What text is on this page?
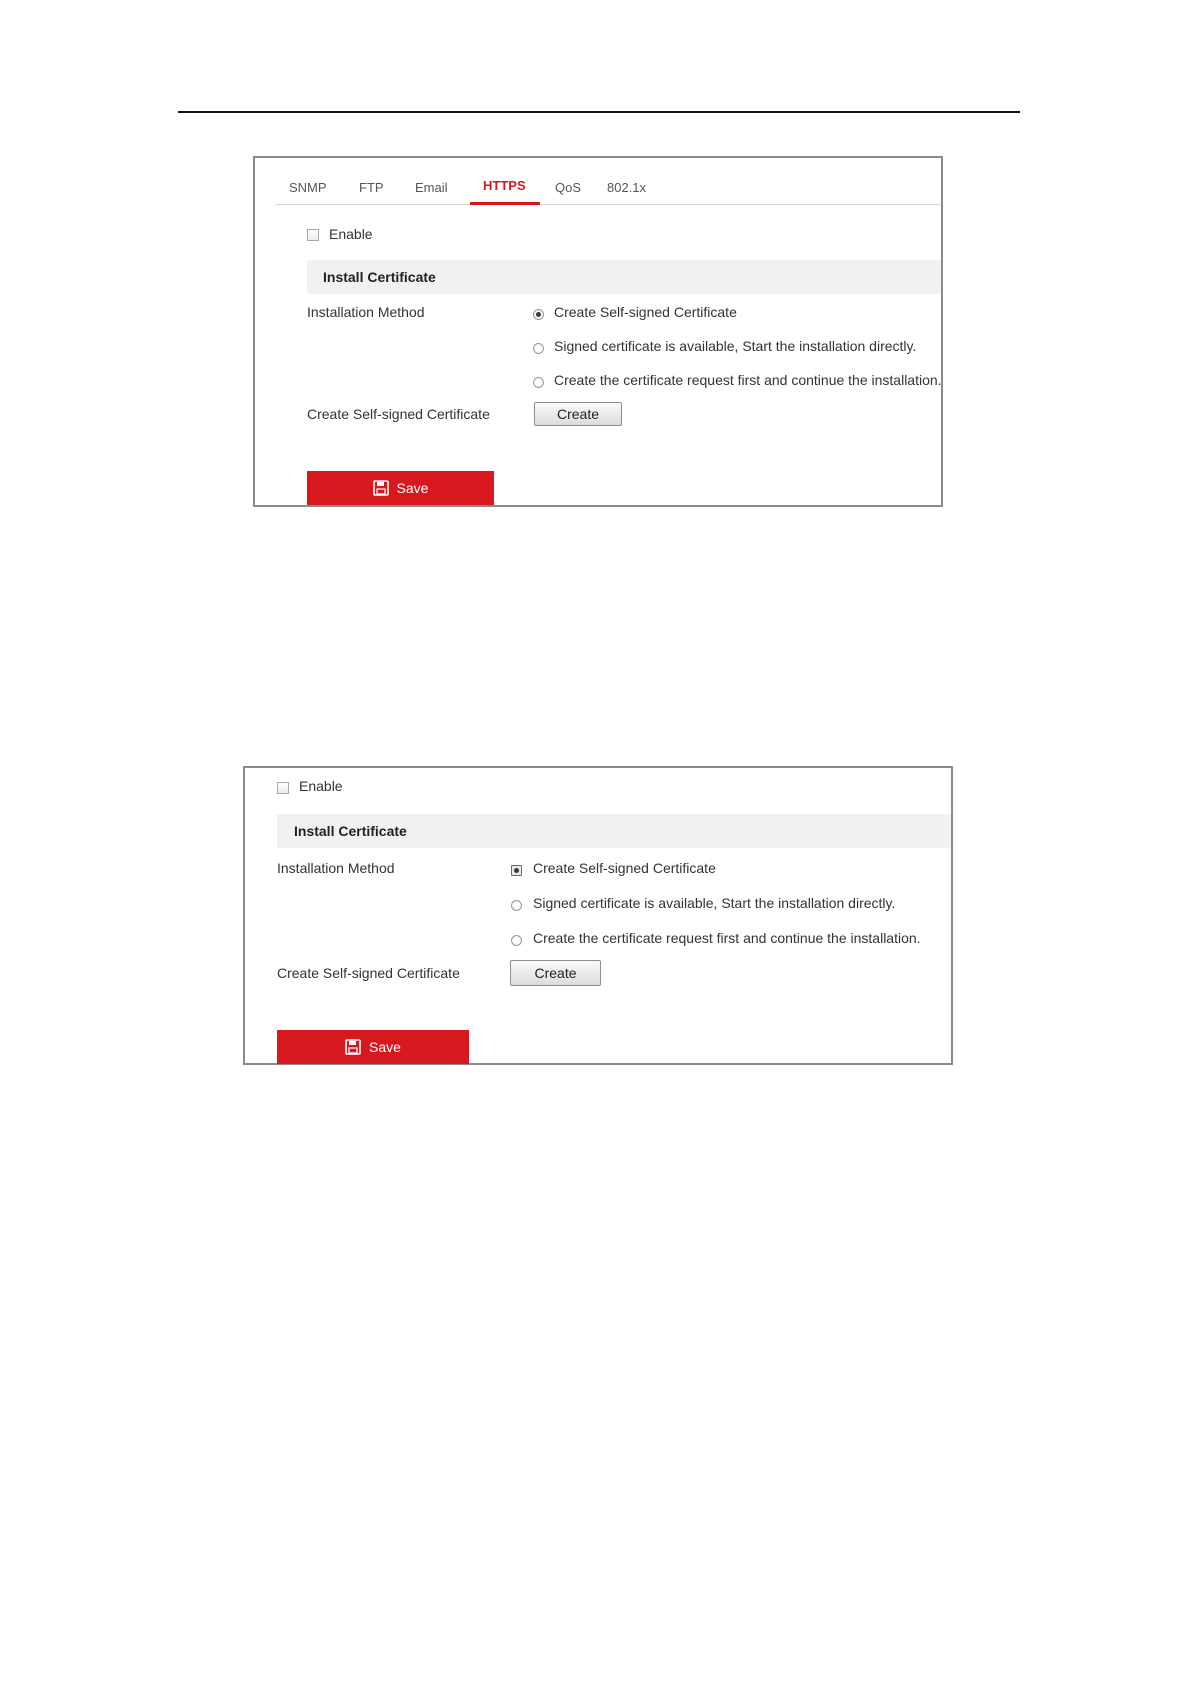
SNMP FTP Email	HTTPS QoS 802.1x
Enable
Install Certificate
Installation Method	Create Self-signed Certificate
Signed certificate is available, Start the installation directly.
Create the certificate request first and continue the installation.
Create Self-signed Certificate	Create
Save
Enable
Install Certificate
Installation Method	Create Self-signed Certificate
Signed certificate is available, Start the installation directly.
Create the certificate request first and continue the installation.
Create Self-signed Certificate	Create
Save
